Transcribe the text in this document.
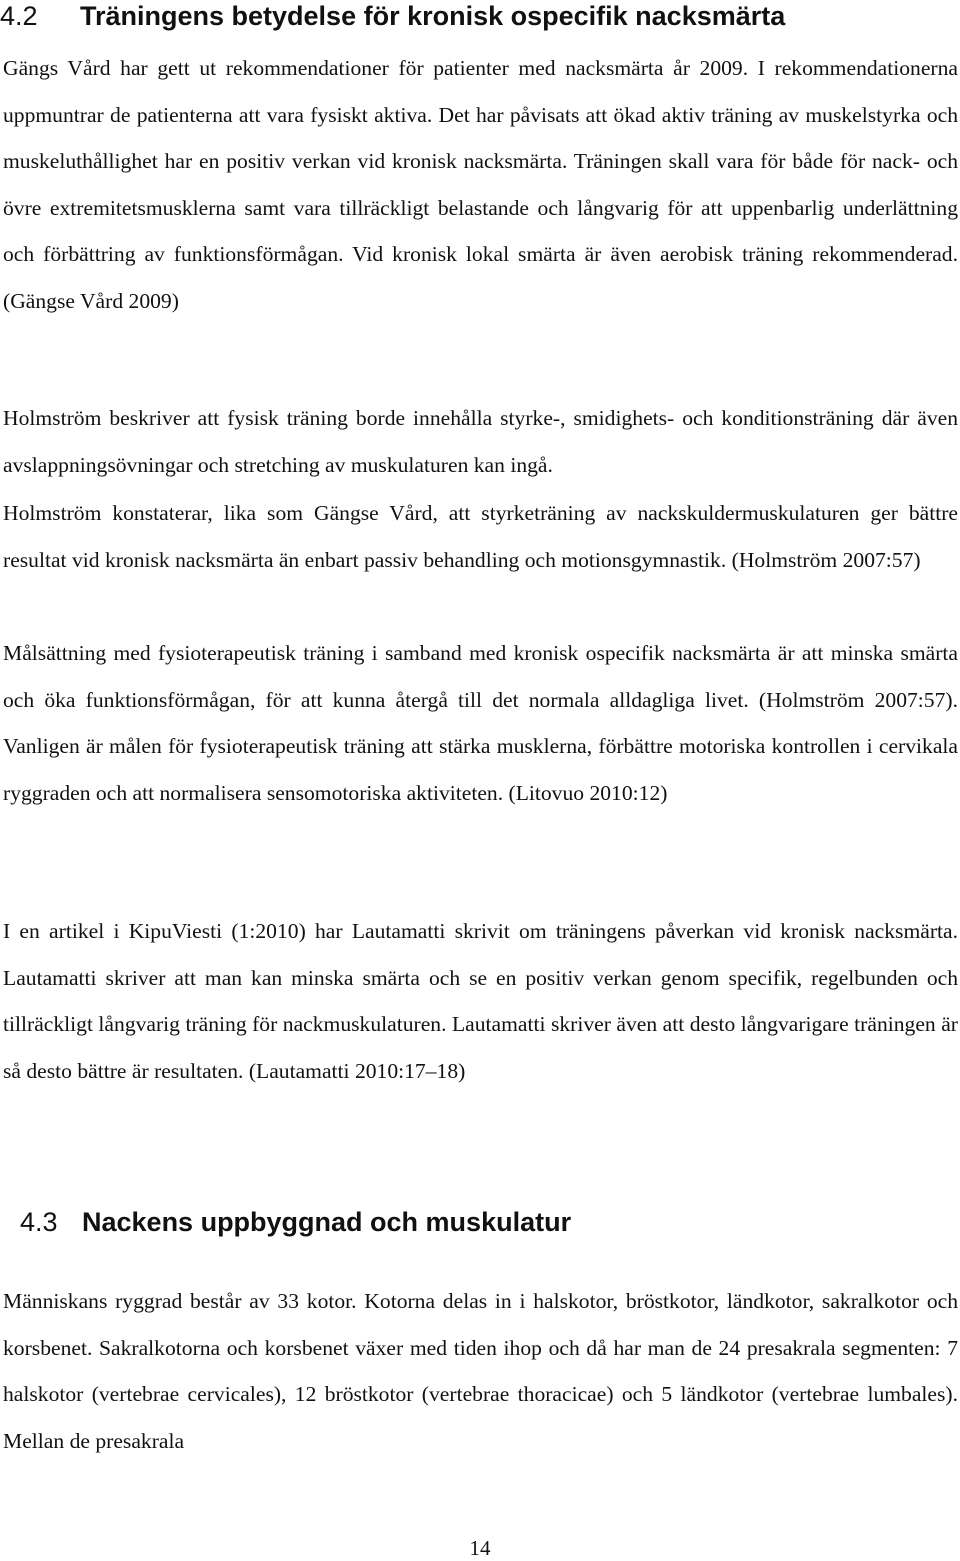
4.2 Träningens betydelse för kronisk ospecifik nacksmärta

Gängs Vård har gett ut rekommendationer för patienter med nacksmärta år 2009. I rekommendationerna uppmuntrar de patienterna att vara fysiskt aktiva. Det har påvisats att ökad aktiv träning av muskelstyrka och muskeluthållighet har en positiv verkan vid kronisk nacksmärta. Träningen skall vara för både för nack- och övre extremitetsmusklerna samt vara tillräckligt belastande och långvarig för att uppenbarlig underlättning och förbättring av funktionsförmågan. Vid kronisk lokal smärta är även aerobisk träning rekommenderad. (Gängse Vård 2009)

Holmström beskriver att fysisk träning borde innehålla styrke-, smidighets- och konditionsträning där även avslappningsövningar och stretching av muskulaturen kan ingå.

Holmström konstaterar, lika som Gängse Vård, att styrketräning av nackskuldermuskulaturen ger bättre resultat vid kronisk nacksmärta än enbart passiv behandling och motionsgymnastik. (Holmström 2007:57)

Målsättning med fysioterapeutisk träning i samband med kronisk ospecifik nacksmärta är att minska smärta och öka funktionsförmågan, för att kunna återgå till det normala alldagliga livet. (Holmström 2007:57). Vanligen är målen för fysioterapeutisk träning att stärka musklerna, förbättre motoriska kontrollen i cervikala ryggraden och att normalisera sensomotoriska aktiviteten. (Litovuo 2010:12)

I en artikel i KipuViesti (1:2010) har Lautamatti skrivit om träningens påverkan vid kronisk nacksmärta. Lautamatti skriver att man kan minska smärta och se en positiv verkan genom specifik, regelbunden och tillräckligt långvarig träning för nackmuskulaturen. Lautamatti skriver även att desto långvarigare träningen är så desto bättre är resultaten. (Lautamatti 2010:17–18)

4.3 Nackens uppbyggnad och muskulatur

Människans ryggrad består av 33 kotor. Kotorna delas in i halskotor, bröstkotor, ländkotor, sakralkotor och korsbenet. Sakralkotorna och korsbenet växer med tiden ihop och då har man de 24 presakrala segmenten: 7 halskotor (vertebrae cervicales), 12 bröstkotor (vertebrae thoracicae) och 5 ländkotor (vertebrae lumbales). Mellan de presakrala

14
